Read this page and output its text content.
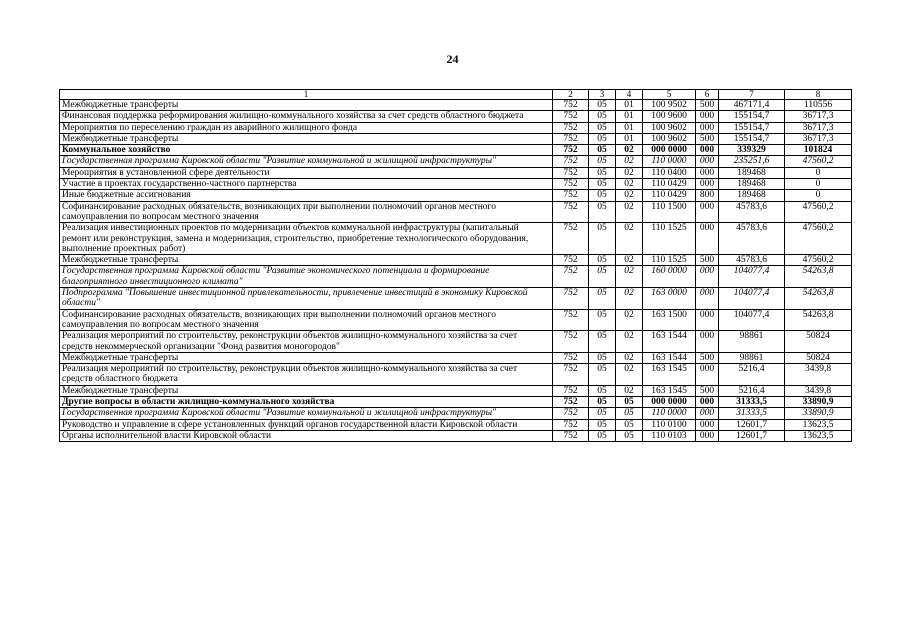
24
1	2	3	4	5	6	7	8
Межбюджетные трансферты	752	05	01	100 9502	500	467171,4	110556
Финансовая поддержка реформирования жилищно-коммунального хозяйства за счет средств областного бюджета	752	05	01	100 9600	000	155154,7	36717,3
Мероприятия по переселению граждан из аварийного жилищного фонда	752	05	01	100 9602	000	155154,7	36717,3
Межбюджетные трансферты	752	05	01	100 9602	500	155154,7	36717,3
Коммунальное хозяйство	752	05	02	000 0000	000	339329	101824
Государственная программа Кировской области "Развитие коммунальной и жилищной инфраструктуры"	752	05	02	110 0000	000	235251,6	47560,2
Мероприятия в установленной сфере деятельности	752	05	02	110 0400	000	189468	0
Участие в проектах государственно-частного партнерства	752	05	02	110 0429	000	189468	0
Иные бюджетные ассигнования	752	05	02	110 0429	800	189468	0
Софинансирование расходных обязательств, возникающих при выполнении полномочий органов местного самоуправления по вопросам местного значения	752	05	02	110 1500	000	45783,6	47560,2
Реализация инвестиционных проектов по модернизации объектов коммунальной инфраструктуры (капитальный ремонт или реконструкция, замена и модернизация, строительство, приобретение технологического оборудования, выполнение проектных работ)	752	05	02	110 1525	000	45783,6	47560,2
Межбюджетные трансферты	752	05	02	110 1525	500	45783,6	47560,2
Государственная программа Кировской области "Развитие экономического потенциала и формирование благоприятного инвестиционного климата"	752	05	02	160 0000	000	104077,4	54263,8
Подпрограмма "Повышение инвестиционной привлекательности, привлечение инвестиций в экономику Кировской области"	752	05	02	163 0000	000	104077,4	54263,8
Софинансирование расходных обязательств, возникающих при выполнении полномочий органов местного самоуправления по вопросам местного значения	752	05	02	163 1500	000	104077,4	54263,8
Реализация мероприятий по строительству, реконструкции объектов жилищно-коммунального хозяйства за счет средств некоммерческой организации "Фонд развития моногородов"	752	05	02	163 1544	000	98861	50824
Межбюджетные трансферты	752	05	02	163 1544	500	98861	50824
Реализация мероприятий по строительству, реконструкции объектов жилищно-коммунального хозяйства за счет средств областного бюджета	752	05	02	163 1545	000	5216,4	3439,8
Межбюджетные трансферты	752	05	02	163 1545	500	5216,4	3439,8
Другие вопросы в области жилищно-коммунального хозяйства	752	05	05	000 0000	000	31333,5	33890,9
Государственная программа Кировской области "Развитие коммунальной и жилищной инфраструктуры"	752	05	05	110 0000	000	31333,5	33890,9
Руководство и управление в сфере установленных функций органов государственной власти Кировской области	752	05	05	110 0100	000	12601,7	13623,5
Органы исполнительной власти Кировской области	752	05	05	110 0103	000	12601,7	13623,5
